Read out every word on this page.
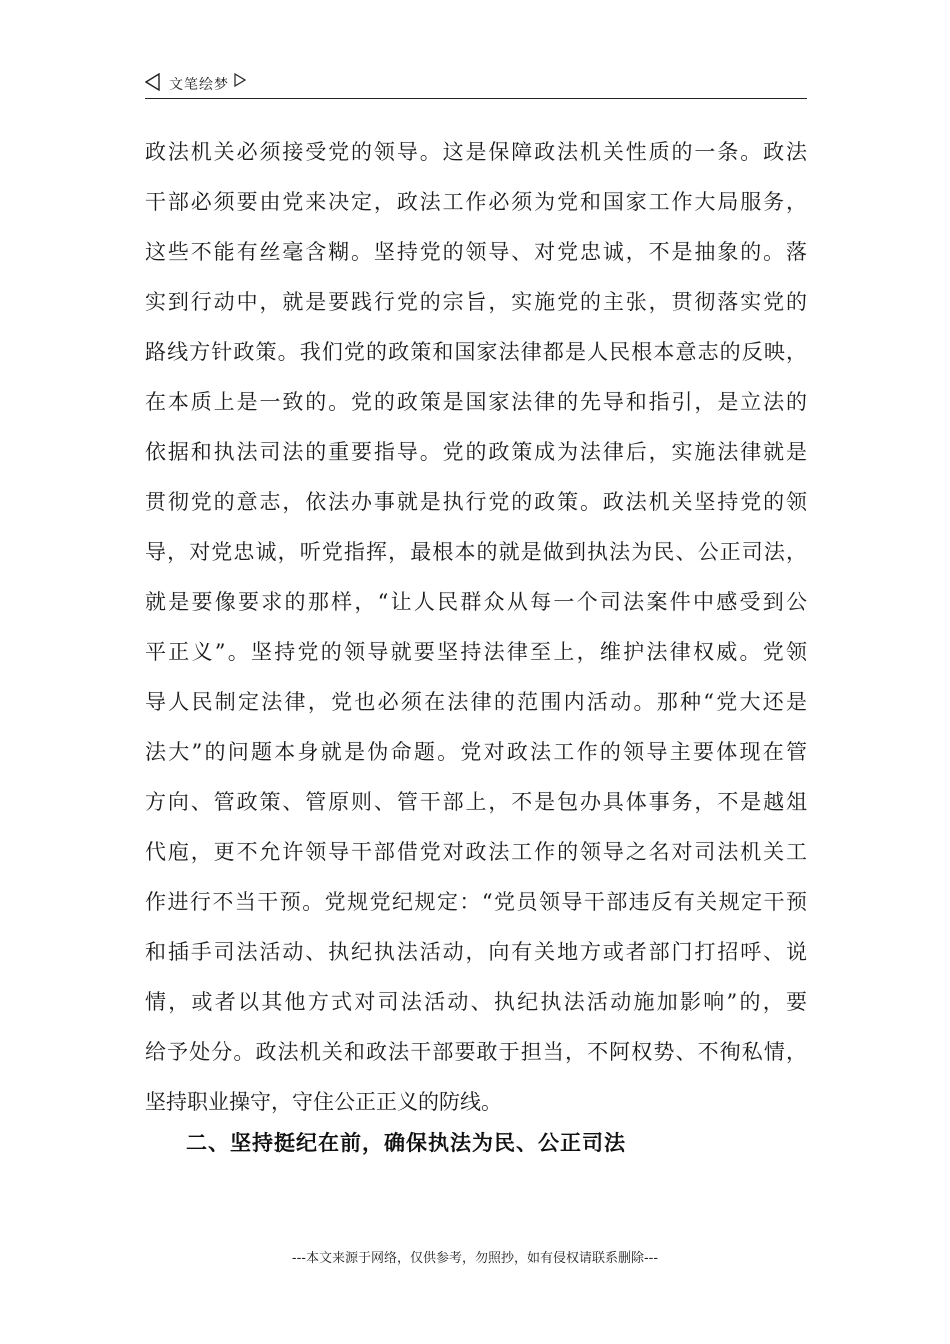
文笔绘梦
政法机关必须接受党的领导。这是保障政法机关性质的一条。政法
干部必须要由党来决定，政法工作必须为党和国家工作大局服务，
这些不能有丝毫含糊。坚持党的领导、对党忠诚，不是抽象的。落
实到行动中，就是要践行党的宗旨，实施党的主张，贯彻落实党的
路线方针政策。我们党的政策和国家法律都是人民根本意志的反映，
在本质上是一致的。党的政策是国家法律的先导和指引，是立法的
依据和执法司法的重要指导。党的政策成为法律后，实施法律就是
贯彻党的意志，依法办事就是执行党的政策。政法机关坚持党的领
导，对党忠诚，听党指挥，最根本的就是做到执法为民、公正司法，
就是要像要求的那样，“让人民群众从每一个司法案件中感受到公
平正义”。坚持党的领导就要坚持法律至上，维护法律权威。党领
导人民制定法律，党也必须在法律的范围内活动。那种“党大还是
法大”的问题本身就是伪命题。党对政法工作的领导主要体现在管
方向、管政策、管原则、管干部上，不是包办具体事务，不是越俎
代庖，更不允许领导干部借党对政法工作的领导之名对司法机关工
作进行不当干预。党规党纪规定：“党员领导干部违反有关规定干预
和插手司法活动、执纪执法活动，向有关地方或者部门打招呼、说
情，或者以其他方式对司法活动、执纪执法活动施加影响”的，要
给予处分。政法机关和政法干部要敢于担当，不阿权势、不徇私情，
坚持职业操守，守住公正正义的防线。
二、坚持挺纪在前，确保执法为民、公正司法
---本文来源于网络，仅供参考，勿照抄，如有侵权请联系删除---
